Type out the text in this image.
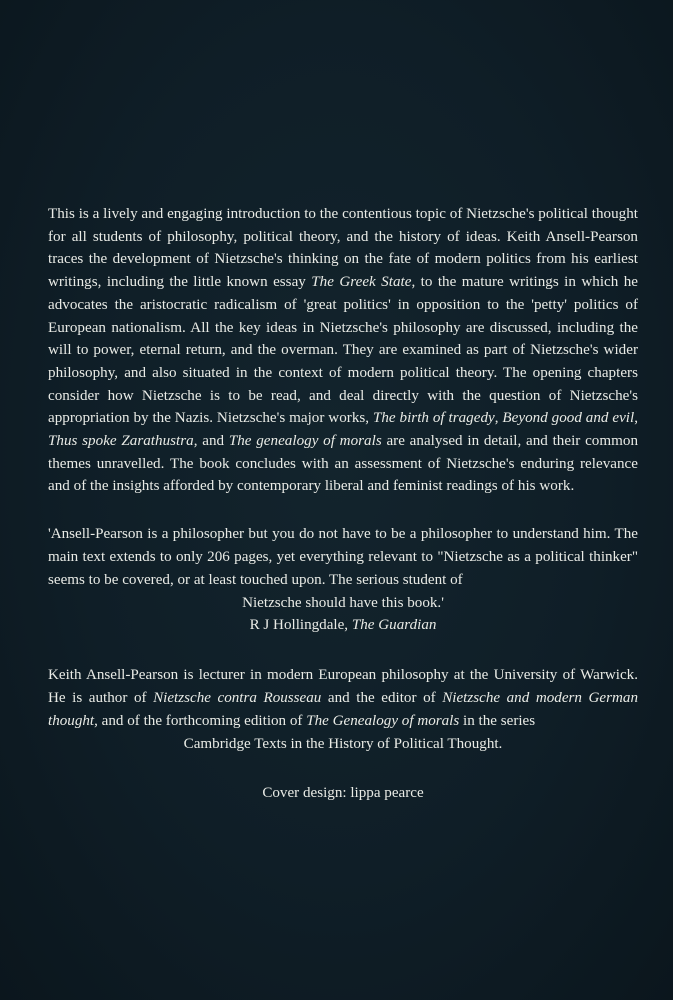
This is a lively and engaging introduction to the contentious topic of Nietzsche's political thought for all students of philosophy, political theory, and the history of ideas. Keith Ansell-Pearson traces the development of Nietzsche's thinking on the fate of modern politics from his earliest writings, including the little known essay The Greek State, to the mature writings in which he advocates the aristocratic radicalism of 'great politics' in opposition to the 'petty' politics of European nationalism. All the key ideas in Nietzsche's philosophy are discussed, including the will to power, eternal return, and the overman. They are examined as part of Nietzsche's wider philosophy, and also situated in the context of modern political theory. The opening chapters consider how Nietzsche is to be read, and deal directly with the question of Nietzsche's appropriation by the Nazis. Nietzsche's major works, The birth of tragedy, Beyond good and evil, Thus spoke Zarathustra, and The genealogy of morals are analysed in detail, and their common themes unravelled. The book concludes with an assessment of Nietzsche's enduring relevance and of the insights afforded by contemporary liberal and feminist readings of his work.

'Ansell-Pearson is a philosopher but you do not have to be a philosopher to understand him. The main text extends to only 206 pages, yet everything relevant to "Nietzsche as a political thinker" seems to be covered, or at least touched upon. The serious student of
Nietzsche should have this book.'
R J Hollingdale, The Guardian
Keith Ansell-Pearson is lecturer in modern European philosophy at the University of Warwick. He is author of Nietzsche contra Rousseau and the editor of Nietzsche and modern German thought, and of the forthcoming edition of The Genealogy of morals in the series
Cambridge Texts in the History of Political Thought.
Cover design: lippa pearce
